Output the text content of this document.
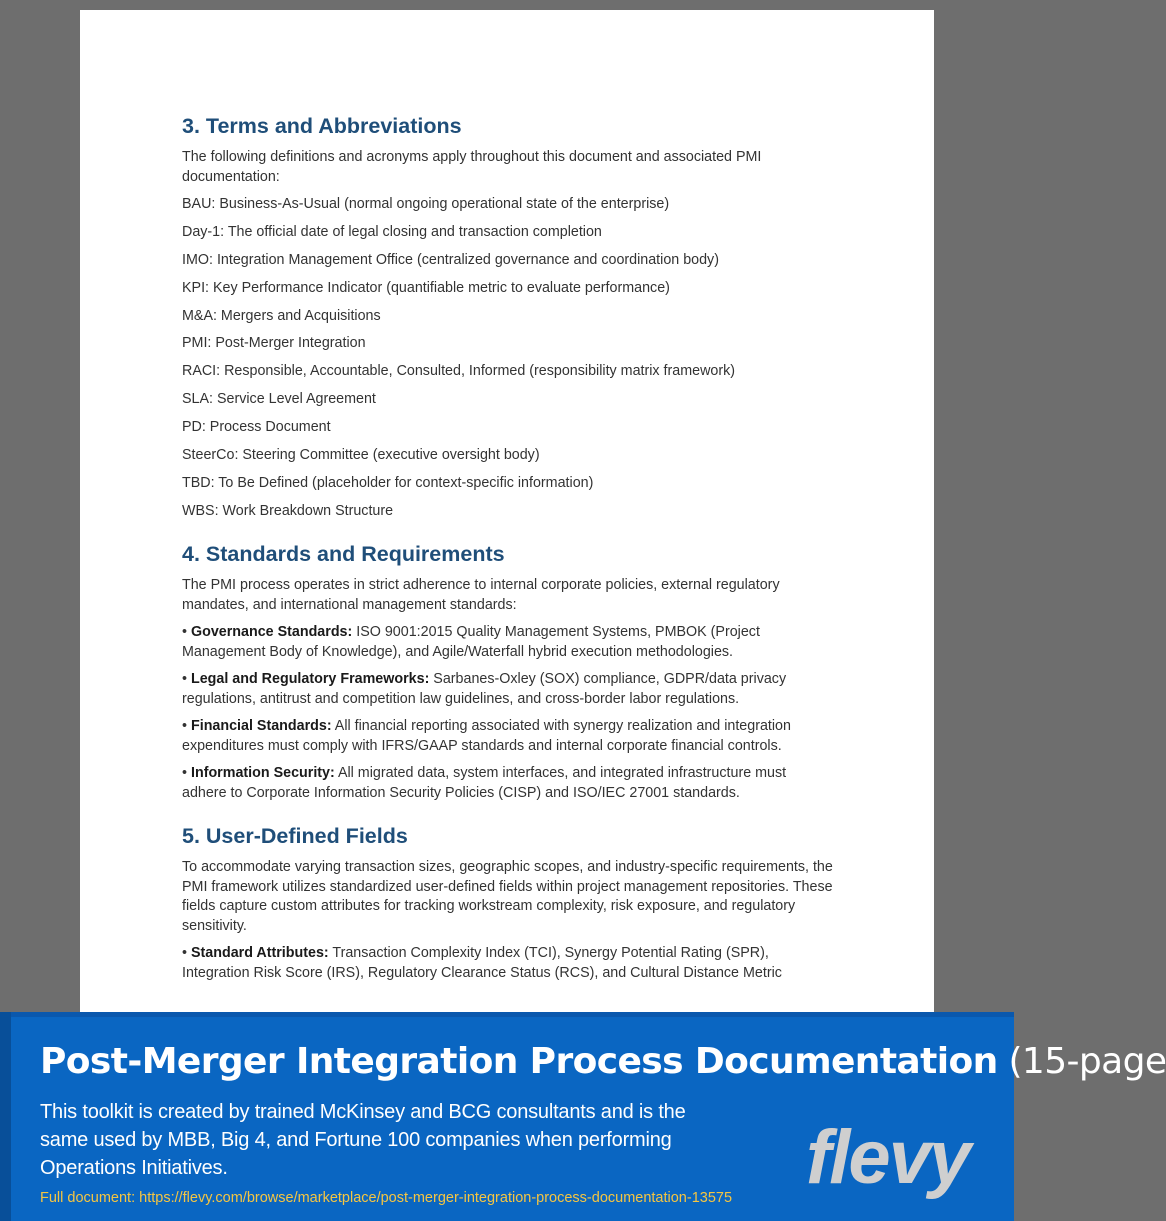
3. Terms and Abbreviations

The following definitions and acronyms apply throughout this document and associated PMI documentation:

BAU: Business-As-Usual (normal ongoing operational state of the enterprise)

Day-1: The official date of legal closing and transaction completion

IMO: Integration Management Office (centralized governance and coordination body)

KPI: Key Performance Indicator (quantifiable metric to evaluate performance)

M&A: Mergers and Acquisitions

PMI: Post-Merger Integration

RACI: Responsible, Accountable, Consulted, Informed (responsibility matrix framework)

SLA: Service Level Agreement

PD: Process Document

SteerCo: Steering Committee (executive oversight body)

TBD: To Be Defined (placeholder for context-specific information)

WBS: Work Breakdown Structure

4. Standards and Requirements

The PMI process operates in strict adherence to internal corporate policies, external regulatory mandates, and international management standards:

• Governance Standards: ISO 9001:2015 Quality Management Systems, PMBOK (Project Management Body of Knowledge), and Agile/Waterfall hybrid execution methodologies.

• Legal and Regulatory Frameworks: Sarbanes-Oxley (SOX) compliance, GDPR/data privacy regulations, antitrust and competition law guidelines, and cross-border labor regulations.

• Financial Standards: All financial reporting associated with synergy realization and integration expenditures must comply with IFRS/GAAP standards and internal corporate financial controls.

• Information Security: All migrated data, system interfaces, and integrated infrastructure must adhere to Corporate Information Security Policies (CISP) and ISO/IEC 27001 standards.

5. User-Defined Fields

To accommodate varying transaction sizes, geographic scopes, and industry-specific requirements, the PMI framework utilizes standardized user-defined fields within project management repositories. These fields capture custom attributes for tracking workstream complexity, risk exposure, and regulatory sensitivity.

• Standard Attributes: Transaction Complexity Index (TCI), Synergy Potential Rating (SPR), Integration Risk Score (IRS), Regulatory Clearance Status (RCS), and Cultural Distance Metric

Post-Merger Integration Process Documentation (15-page
This toolkit is created by trained McKinsey and BCG consultants and is the same used by MBB, Big 4, and Fortune 100 companies when performing Operations Initiatives.
Full document: https://flevy.com/browse/marketplace/post-merger-integration-process-documentation-13575 flevy
